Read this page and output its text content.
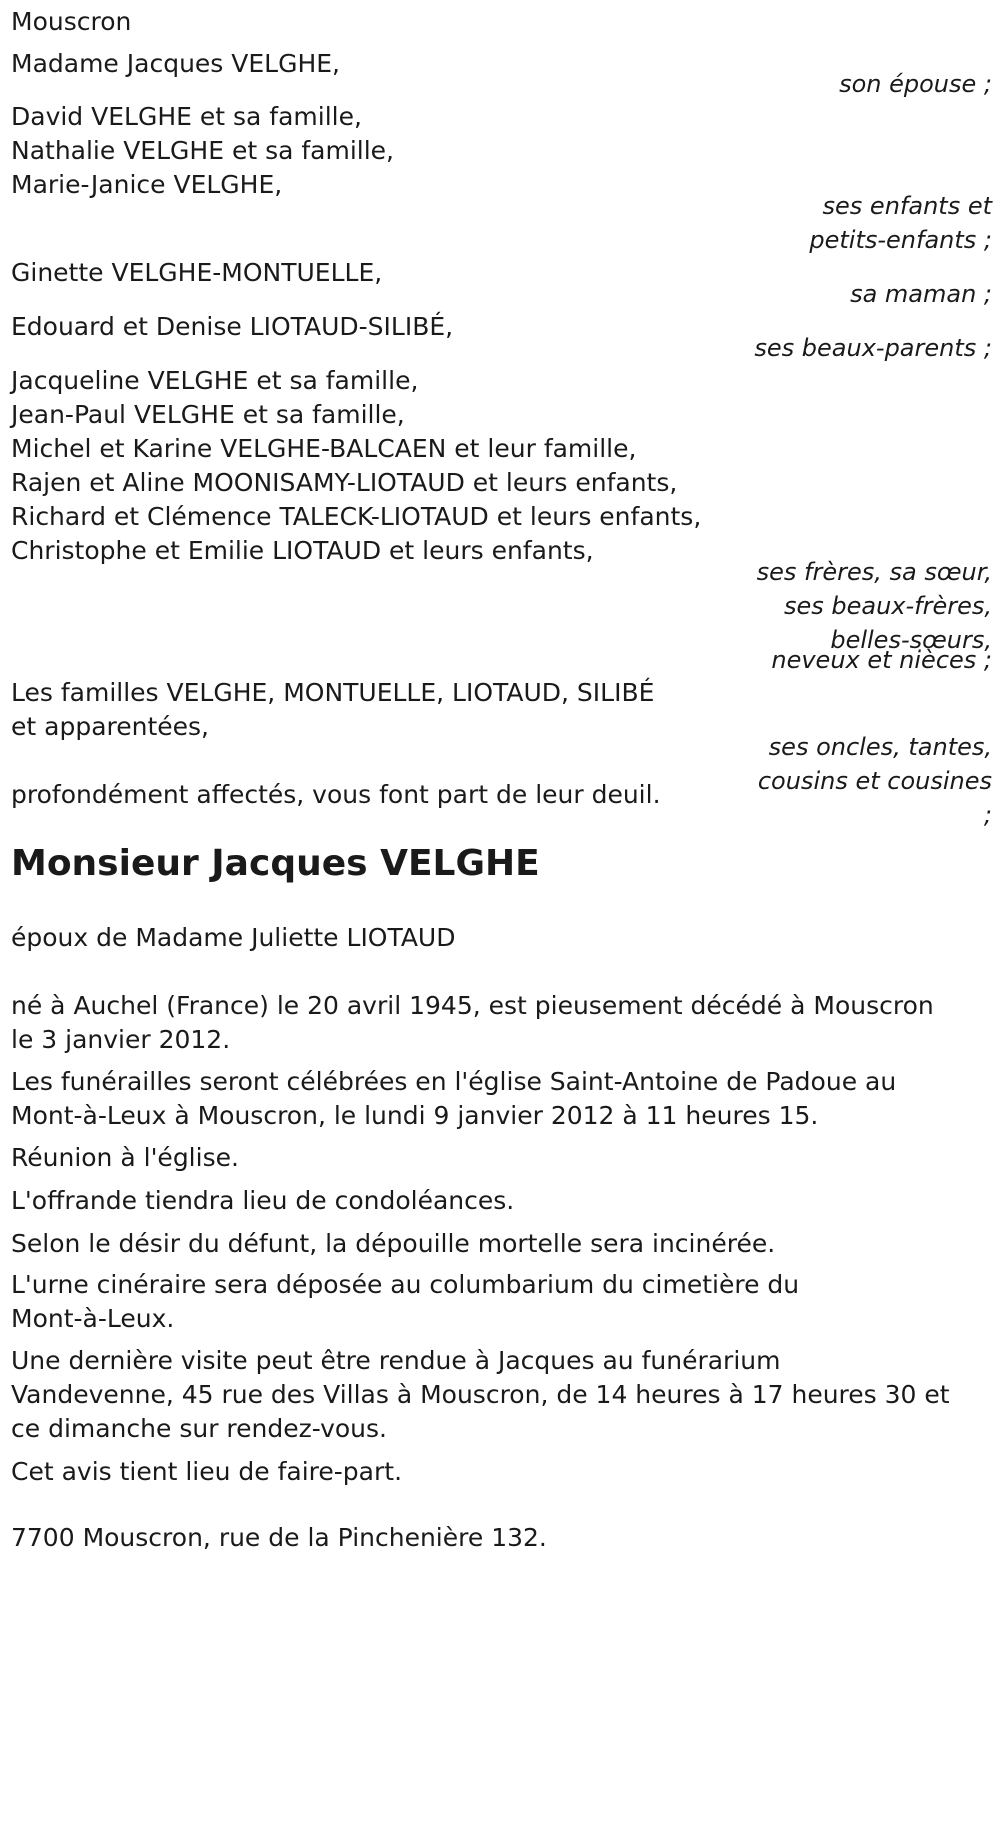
Mouscron
Madame Jacques VELGHE,
son épouse ;
David VELGHE et sa famille,
Nathalie VELGHE et sa famille,
Marie-Janice VELGHE,
ses enfants et
petits-enfants ;
Ginette VELGHE-MONTUELLE,
sa maman ;
Edouard et Denise LIOTAUD-SILIBÉ,
ses beaux-parents ;
Jacqueline VELGHE et sa famille,
Jean-Paul VELGHE et sa famille,
Michel et Karine VELGHE-BALCAEN et leur famille,
Rajen et Aline MOONISAMY-LIOTAUD et leurs enfants,
Richard et Clémence TALECK-LIOTAUD et leurs enfants,
Christophe et Emilie LIOTAUD et leurs enfants,
ses frères, sa sœur,
ses beaux-frères,
belles-sœurs,
neveux et nièces ;
Les familles VELGHE, MONTUELLE, LIOTAUD, SILIBÉ
et apparentées,
ses oncles, tantes,
cousins et cousines
;
profondément affectés, vous font part de leur deuil.
Monsieur Jacques VELGHE
époux de Madame Juliette LIOTAUD
né à Auchel (France) le 20 avril 1945, est pieusement décédé à Mouscron
le 3 janvier 2012.
Les funérailles seront célébrées en l'église Saint-Antoine de Padoue au
Mont-à-Leux à Mouscron, le lundi 9 janvier 2012 à 11 heures 15.
Réunion à l'église.
L'offrande tiendra lieu de condoléances.
Selon le désir du défunt, la dépouille mortelle sera incinérée.
L'urne cinéraire sera déposée au columbarium du cimetière du
Mont-à-Leux.
Une dernière visite peut être rendue à Jacques au funérarium
Vandevenne, 45 rue des Villas à Mouscron, de 14 heures à 17 heures 30 et
ce dimanche sur rendez-vous.
Cet avis tient lieu de faire-part.
7700 Mouscron, rue de la Pinchenière 132.
